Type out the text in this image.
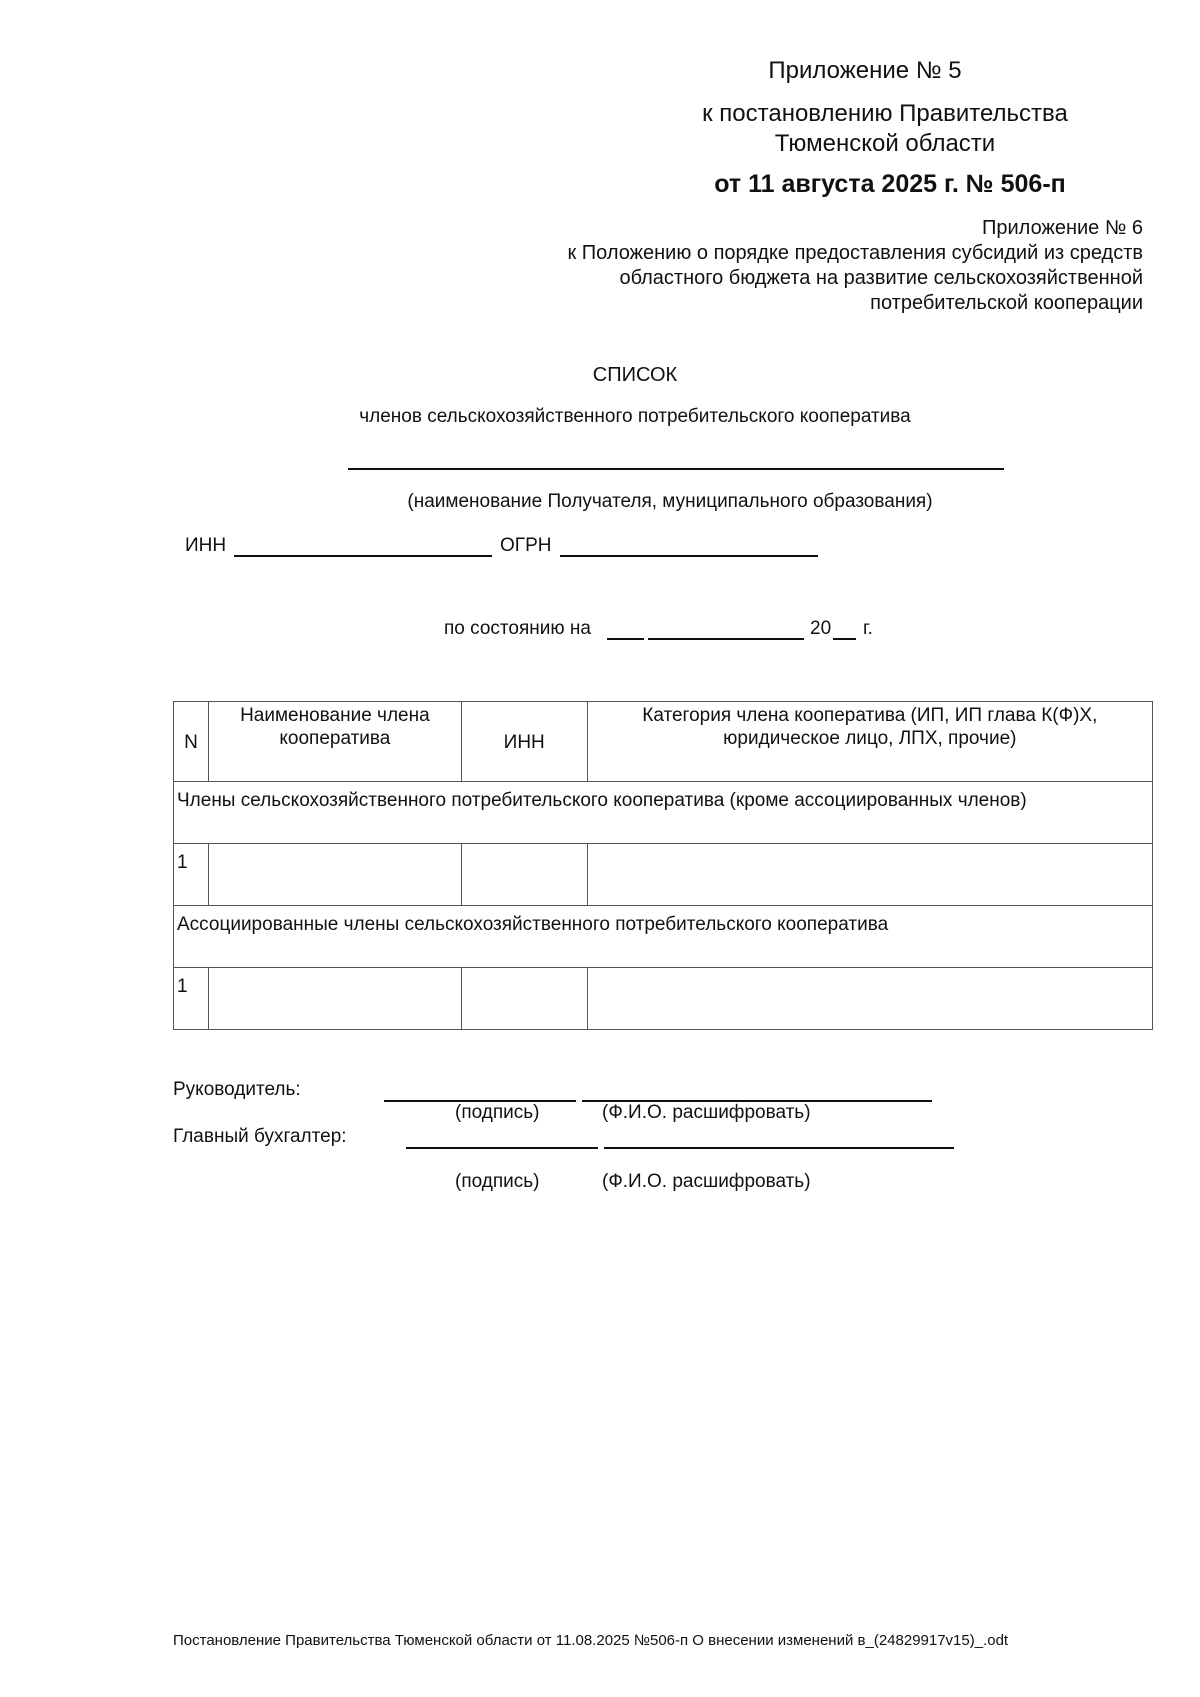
Приложение № 5
к постановлению Правительства
Тюменской области
от 11 августа 2025 г. № 506-п
Приложение № 6
к Положению о порядке предоставления субсидий из средств
областного бюджета на развитие сельскохозяйственной
потребительской кооперации
СПИСОК
членов сельскохозяйственного потребительского кооператива
(наименование Получателя, муниципального образования)
ИНН	ОГРН
по состоянию на	20 г.
N	Наименование члена кооператива	ИНН	Категория члена кооператива (ИП, ИП глава К(Ф)Х, юридическое лицо, ЛПХ, прочие)
Члены сельскохозяйственного потребительского кооператива (кроме ассоциированных членов)			
1			
Ассоциированные члены сельскохозяйственного потребительского кооператива			
1			
Руководитель:
(подпись)	(Ф.И.О. расшифровать)
Главный бухгалтер:
(подпись)	(Ф.И.О. расшифровать)
Постановление Правительства Тюменской области от 11.08.2025 №506-п О внесении изменений в_(24829917v15)_.odt
